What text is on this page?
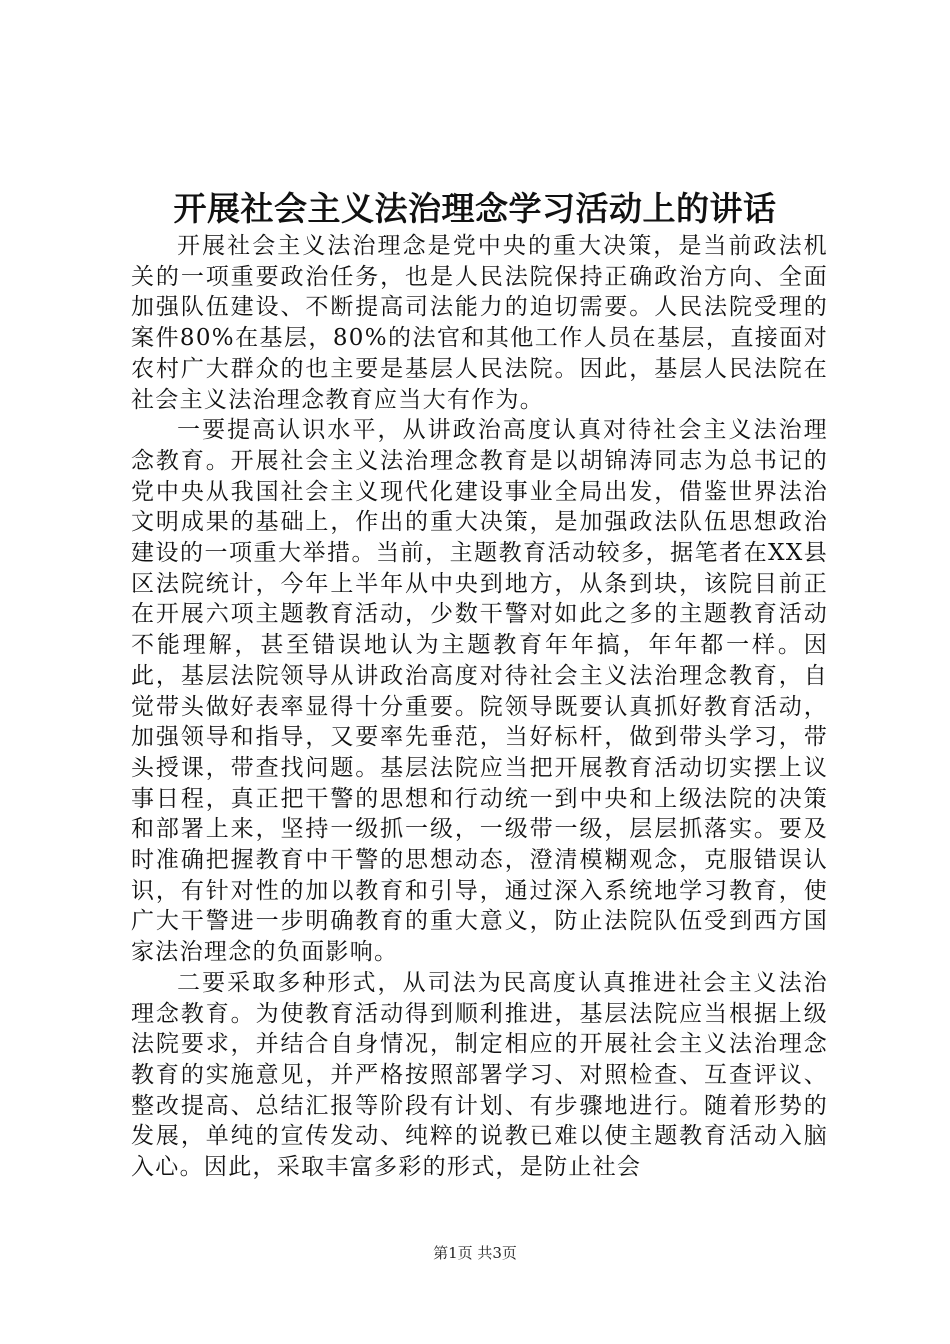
开展社会主义法治理念学习活动上的讲话

开展社会主义法治理念是党中央的重大决策，是当前政法机关的一项重要政治任务，也是人民法院保持正确政治方向、全面加强队伍建设、不断提高司法能力的迫切需要。人民法院受理的案件80%在基层，80%的法官和其他工作人员在基层，直接面对农村广大群众的也主要是基层人民法院。因此，基层人民法院在社会主义法治理念教育应当大有作为。

一要提高认识水平，从讲政治高度认真对待社会主义法治理念教育。开展社会主义法治理念教育是以胡锦涛同志为总书记的党中央从我国社会主义现代化建设事业全局出发，借鉴世界法治文明成果的基础上，作出的重大决策，是加强政法队伍思想政治建设的一项重大举措。当前，主题教育活动较多，据笔者在XX县区法院统计，今年上半年从中央到地方，从条到块，该院目前正在开展六项主题教育活动，少数干警对如此之多的主题教育活动不能理解，甚至错误地认为主题教育年年搞，年年都一样。因此，基层法院领导从讲政治高度对待社会主义法治理念教育，自觉带头做好表率显得十分重要。院领导既要认真抓好教育活动，加强领导和指导，又要率先垂范，当好标杆，做到带头学习，带头授课，带查找问题。基层法院应当把开展教育活动切实摆上议事日程，真正把干警的思想和行动统一到中央和上级法院的决策和部署上来，坚持一级抓一级，一级带一级，层层抓落实。要及时准确把握教育中干警的思想动态，澄清模糊观念，克服错误认识，有针对性的加以教育和引导，通过深入系统地学习教育，使广大干警进一步明确教育的重大意义，防止法院队伍受到西方国家法治理念的负面影响。

二要采取多种形式，从司法为民高度认真推进社会主义法治理念教育。为使教育活动得到顺利推进，基层法院应当根据上级法院要求，并结合自身情况，制定相应的开展社会主义法治理念教育的实施意见，并严格按照部署学习、对照检查、互查评议、整改提高、总结汇报等阶段有计划、有步骤地进行。随着形势的发展，单纯的宣传发动、纯粹的说教已难以使主题教育活动入脑入心。因此，采取丰富多彩的形式，是防止社会

第1页 共3页
